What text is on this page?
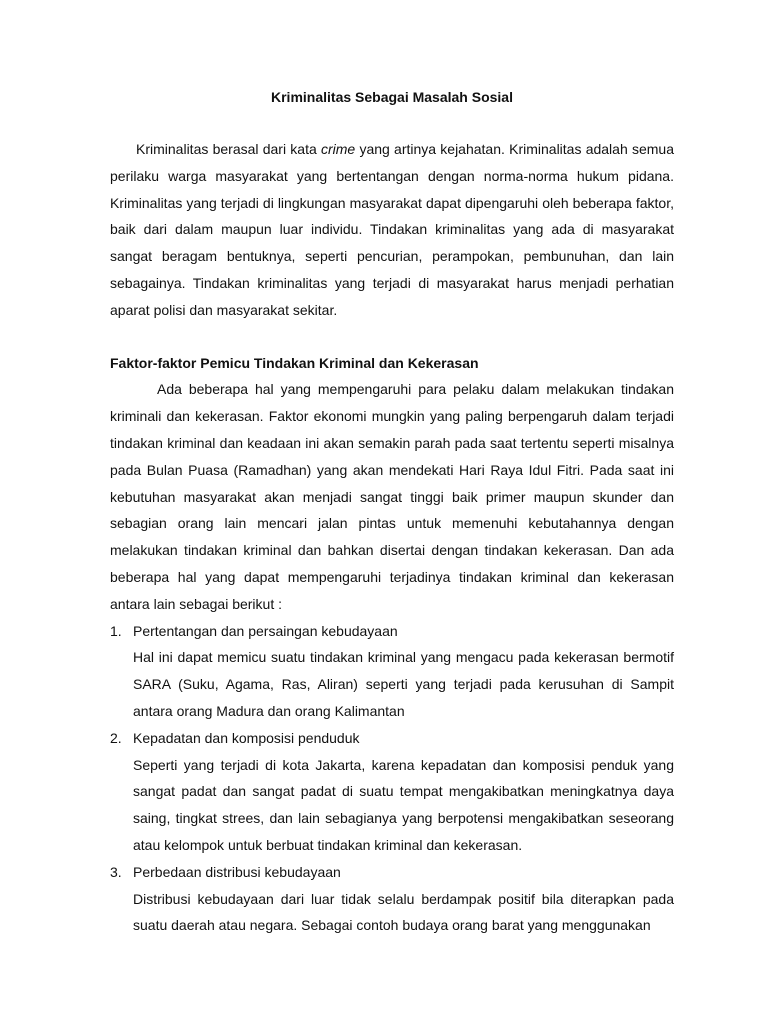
Kriminalitas Sebagai Masalah Sosial

Kriminalitas berasal dari kata crime yang artinya kejahatan. Kriminalitas adalah semua perilaku warga masyarakat yang bertentangan dengan norma-norma hukum pidana. Kriminalitas yang terjadi di lingkungan masyarakat dapat dipengaruhi oleh beberapa faktor, baik dari dalam maupun luar individu. Tindakan kriminalitas yang ada di masyarakat sangat beragam bentuknya, seperti pencurian, perampokan, pembunuhan, dan lain sebagainya. Tindakan kriminalitas yang terjadi di masyarakat harus menjadi perhatian aparat polisi dan masyarakat sekitar.

Faktor-faktor Pemicu Tindakan Kriminal dan Kekerasan

Ada beberapa hal yang mempengaruhi para pelaku dalam melakukan tindakan kriminali dan kekerasan. Faktor ekonomi mungkin yang paling berpengaruh dalam terjadi tindakan kriminal dan keadaan ini akan semakin parah pada saat tertentu seperti misalnya pada Bulan Puasa (Ramadhan) yang akan mendekati Hari Raya Idul Fitri. Pada saat ini kebutuhan masyarakat akan menjadi sangat tinggi baik primer maupun skunder dan sebagian orang lain mencari jalan pintas untuk memenuhi kebutahannya dengan melakukan tindakan kriminal dan bahkan disertai dengan tindakan kekerasan. Dan ada beberapa hal yang dapat mempengaruhi terjadinya tindakan kriminal dan kekerasan antara lain sebagai berikut :

1. Pertentangan dan persaingan kebudayaan
Hal ini dapat memicu suatu tindakan kriminal yang mengacu pada kekerasan bermotif SARA (Suku, Agama, Ras, Aliran) seperti yang terjadi pada kerusuhan di Sampit antara orang Madura dan orang Kalimantan
2. Kepadatan dan komposisi penduduk
Seperti yang terjadi di kota Jakarta, karena kepadatan dan komposisi penduk yang sangat padat dan sangat padat di suatu tempat mengakibatkan meningkatnya daya saing, tingkat strees, dan lain sebagianya yang berpotensi mengakibatkan seseorang atau kelompok untuk berbuat tindakan kriminal dan kekerasan.
3. Perbedaan distribusi kebudayaan
Distribusi kebudayaan dari luar tidak selalu berdampak positif bila diterapkan pada suatu daerah atau negara. Sebagai contoh budaya orang barat yang menggunakan
